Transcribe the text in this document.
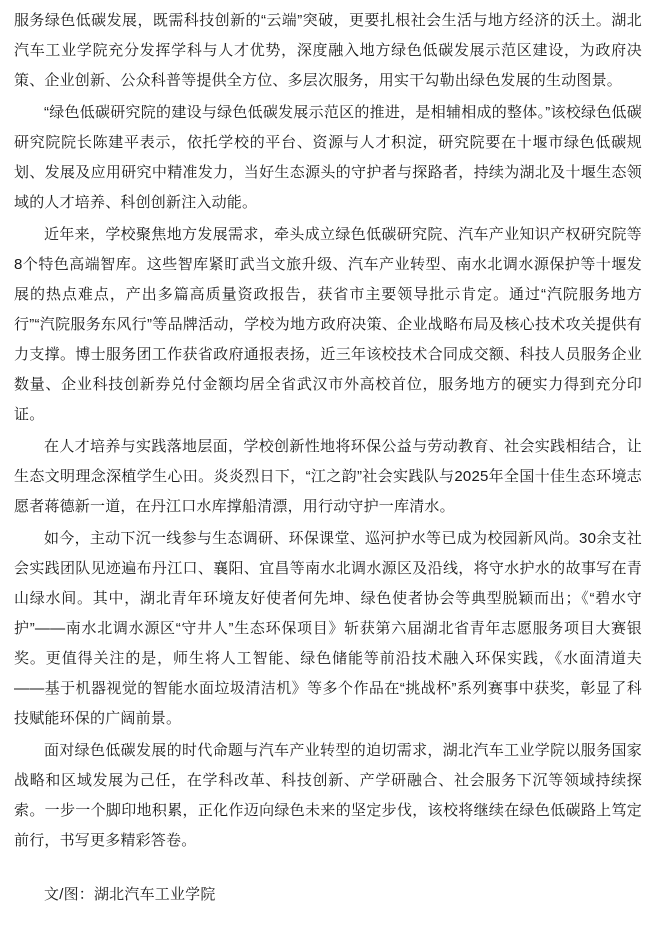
服务绿色低碳发展，既需科技创新的“云端”突破，更要扎根社会生活与地方经济的沃土。湖北汽车工业学院充分发挥学科与人才优势，深度融入地方绿色低碳发展示范区建设，为政府决策、企业创新、公众科普等提供全方位、多层次服务，用实干勾勒出绿色发展的生动图景。

“绿色低碳研究院的建设与绿色低碳发展示范区的推进，是相辅相成的整体。”该校绿色低碳研究院院长陈建平表示，依托学校的平台、资源与人才积淀，研究院要在十堰市绿色低碳规划、发展及应用研究中精准发力，当好生态源头的守护者与探路者，持续为湖北及十堰生态领域的人才培养、科创创新注入动能。

近年来，学校聚焦地方发展需求，牵头成立绿色低碳研究院、汽车产业知识产权研究院等8个特色高端智库。这些智库紧盯武当文旅升级、汽车产业转型、南水北调水源保护等十堰发展的热点难点，产出多篇高质量资政报告，获省市主要领导批示肯定。通过“汽院服务地方行”“汽院服务东风行”等品牌活动，学校为地方政府决策、企业战略布局及核心技术攻关提供有力支撑。博士服务团工作获省政府通报表扬，近三年该校技术合同成交额、科技人员服务企业数量、企业科技创新券兑付金额均居全省武汉市外高校首位，服务地方的硬实力得到充分印证。

在人才培养与实践落地层面，学校创新性地将环保公益与劳动教育、社会实践相结合，让生态文明理念深植学生心田。炎炎烈日下，“江之韵”社会实践队与2025年全国十佳生态环境志愿者蒋德新一道，在丹江口水库撑船清漂，用行动守护一库清水。

如今，主动下沉一线参与生态调研、环保课堂、巡河护水等已成为校园新风尚。30余支社会实践团队见迹遍布丹江口、襄阳、宜昌等南水北调水源区及沿线，将守水护水的故事写在青山绿水间。其中，湖北青年环境友好使者何先坤、绿色使者协会等典型脱颖而出；《“碧水守护”——南水北调水源区“守井人”生态环保项目》斩获第六届湖北省青年志愿服务项目大赛银奖。更值得关注的是，师生将人工智能、绿色储能等前沿技术融入环保实践，《水面清道夫——基于机器视觉的智能水面垃圾清洁机》等多个作品在“挑战杯”系列赛事中获奖，彰显了科技赋能环保的广阔前景。

面对绿色低碳发展的时代命题与汽车产业转型的迫切需求，湖北汽车工业学院以服务国家战略和区域发展为己任，在学科改革、科技创新、产学研融合、社会服务下沉等领域持续探索。一步一个脚印地积累，正化作迈向绿色未来的坚定步伐，该校将继续在绿色低碳路上笃定前行，书写更多精彩答卷。

文/图：湖北汽车工业学院
